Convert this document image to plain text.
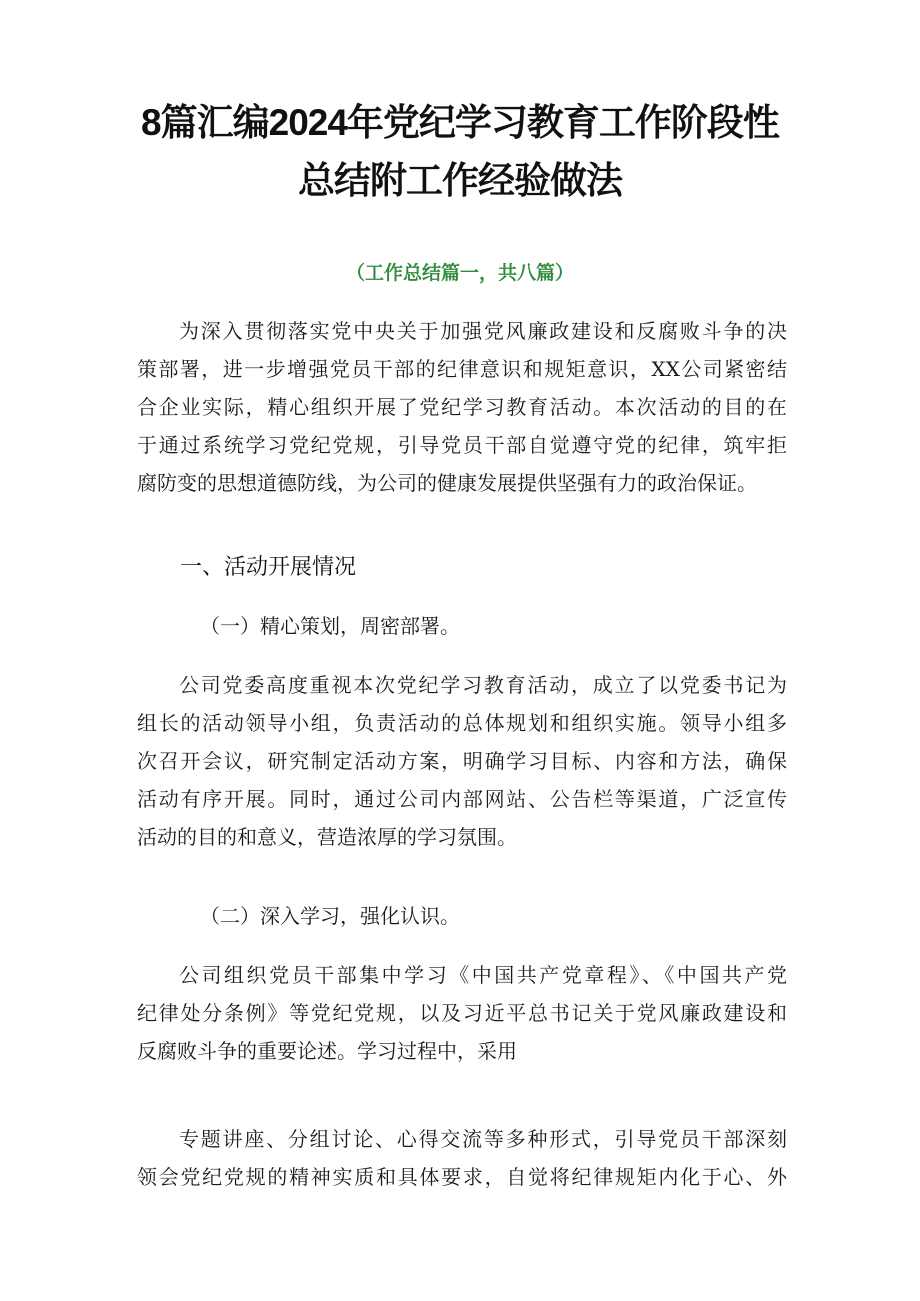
8篇汇编2024年党纪学习教育工作阶段性
总结附工作经验做法
（工作总结篇一，共八篇）
为深入贯彻落实党中央关于加强党风廉政建设和反腐败斗争的决
策部署，进一步增强党员干部的纪律意识和规矩意识，XX公司紧密结
合企业实际，精心组织开展了党纪学习教育活动。本次活动的目的在
于通过系统学习党纪党规，引导党员干部自觉遵守党的纪律，筑牢拒
腐防变的思想道德防线，为公司的健康发展提供坚强有力的政治保证。
一、活动开展情况
（一）精心策划，周密部署。
公司党委高度重视本次党纪学习教育活动，成立了以党委书记为
组长的活动领导小组，负责活动的总体规划和组织实施。领导小组多
次召开会议，研究制定活动方案，明确学习目标、内容和方法，确保
活动有序开展。同时，通过公司内部网站、公告栏等渠道，广泛宣传
活动的目的和意义，营造浓厚的学习氛围。
（二）深入学习，强化认识。
公司组织党员干部集中学习《中国共产党章程》、《中国共产党
纪律处分条例》等党纪党规，以及习近平总书记关于党风廉政建设和
反腐败斗争的重要论述。学习过程中，采用
专题讲座、分组讨论、心得交流等多种形式，引导党员干部深刻
领会党纪党规的精神实质和具体要求，自觉将纪律规矩内化于心、外
